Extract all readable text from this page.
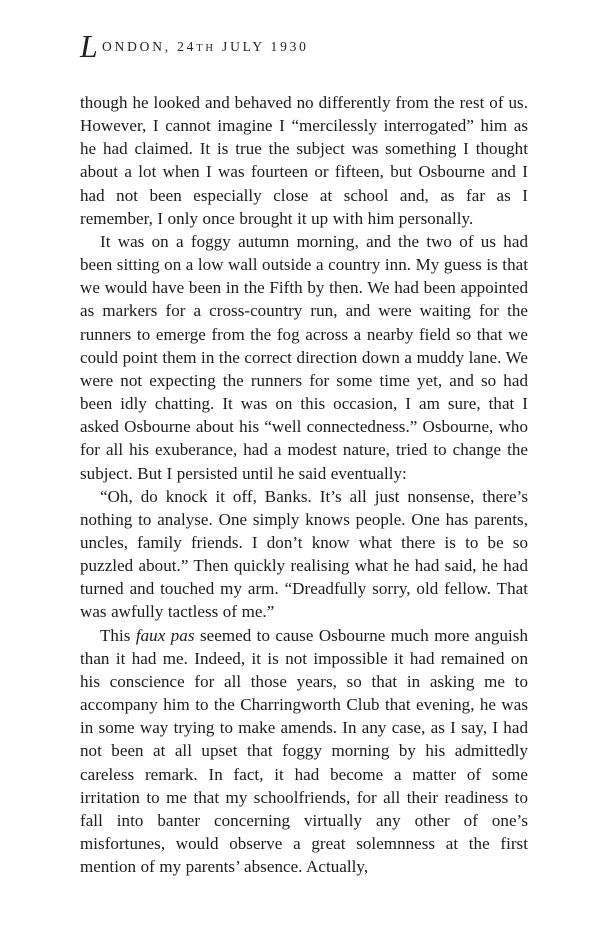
L ONDON, 24TH JULY 1930

though he looked and behaved no differently from the rest of us. However, I cannot imagine I “mercilessly interrogated” him as he had claimed. It is true the subject was something I thought about a lot when I was fourteen or fifteen, but Osbourne and I had not been especially close at school and, as far as I remember, I only once brought it up with him personally.

It was on a foggy autumn morning, and the two of us had been sitting on a low wall outside a country inn. My guess is that we would have been in the Fifth by then. We had been appointed as markers for a cross-country run, and were waiting for the runners to emerge from the fog across a nearby field so that we could point them in the correct direction down a muddy lane. We were not expecting the runners for some time yet, and so had been idly chatting. It was on this occasion, I am sure, that I asked Osbourne about his “well connectedness.” Osbourne, who for all his exuberance, had a modest nature, tried to change the subject. But I persisted until he said eventually:

“Oh, do knock it off, Banks. It’s all just nonsense, there’s nothing to analyse. One simply knows people. One has parents, uncles, family friends. I don’t know what there is to be so puzzled about.” Then quickly realising what he had said, he had turned and touched my arm. “Dreadfully sorry, old fellow. That was awfully tactless of me.”

This faux pas seemed to cause Osbourne much more anguish than it had me. Indeed, it is not impossible it had remained on his conscience for all those years, so that in asking me to accompany him to the Charringworth Club that evening, he was in some way trying to make amends. In any case, as I say, I had not been at all upset that foggy morning by his admittedly careless remark. In fact, it had become a matter of some irritation to me that my schoolfriends, for all their readiness to fall into banter concerning virtually any other of one’s misfortunes, would observe a great solemnness at the first mention of my parents’ absence. Actually,
